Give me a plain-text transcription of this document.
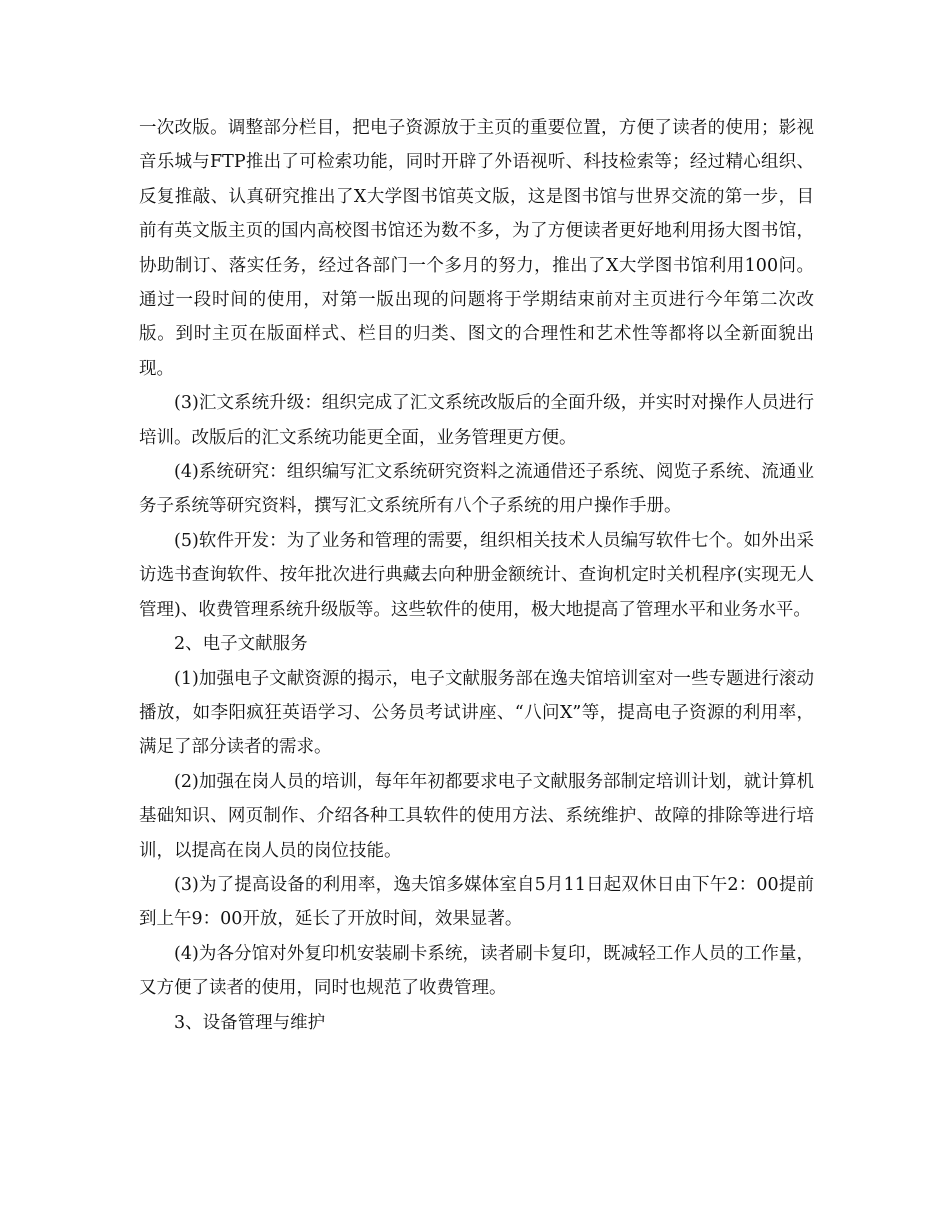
一次改版。调整部分栏目，把电子资源放于主页的重要位置，方便了读者的使用；影视音乐城与FTP推出了可检索功能，同时开辟了外语视听、科技检索等；经过精心组织、反复推敲、认真研究推出了X大学图书馆英文版，这是图书馆与世界交流的第一步，目前有英文版主页的国内高校图书馆还为数不多，为了方便读者更好地利用扬大图书馆，协助制订、落实任务，经过各部门一个多月的努力，推出了X大学图书馆利用100问。通过一段时间的使用，对第一版出现的问题将于学期结束前对主页进行今年第二次改版。到时主页在版面样式、栏目的归类、图文的合理性和艺术性等都将以全新面貌出现。

(3)汇文系统升级：组织完成了汇文系统改版后的全面升级，并实时对操作人员进行培训。改版后的汇文系统功能更全面，业务管理更方便。

(4)系统研究：组织编写汇文系统研究资料之流通借还子系统、阅览子系统、流通业务子系统等研究资料，撰写汇文系统所有八个子系统的用户操作手册。

(5)软件开发：为了业务和管理的需要，组织相关技术人员编写软件七个。如外出采访选书查询软件、按年批次进行典藏去向种册金额统计、查询机定时关机程序(实现无人管理)、收费管理系统升级版等。这些软件的使用，极大地提高了管理水平和业务水平。

2、电子文献服务

(1)加强电子文献资源的揭示，电子文献服务部在逸夫馆培训室对一些专题进行滚动播放，如李阳疯狂英语学习、公务员考试讲座、“八问X”等，提高电子资源的利用率，满足了部分读者的需求。

(2)加强在岗人员的培训，每年年初都要求电子文献服务部制定培训计划，就计算机基础知识、网页制作、介绍各种工具软件的使用方法、系统维护、故障的排除等进行培训，以提高在岗人员的岗位技能。

(3)为了提高设备的利用率，逸夫馆多媒体室自5月11日起双休日由下午2：00提前到上午9：00开放，延长了开放时间，效果显著。

(4)为各分馆对外复印机安装刷卡系统，读者刷卡复印，既减轻工作人员的工作量，又方便了读者的使用，同时也规范了收费管理。

3、设备管理与维护
